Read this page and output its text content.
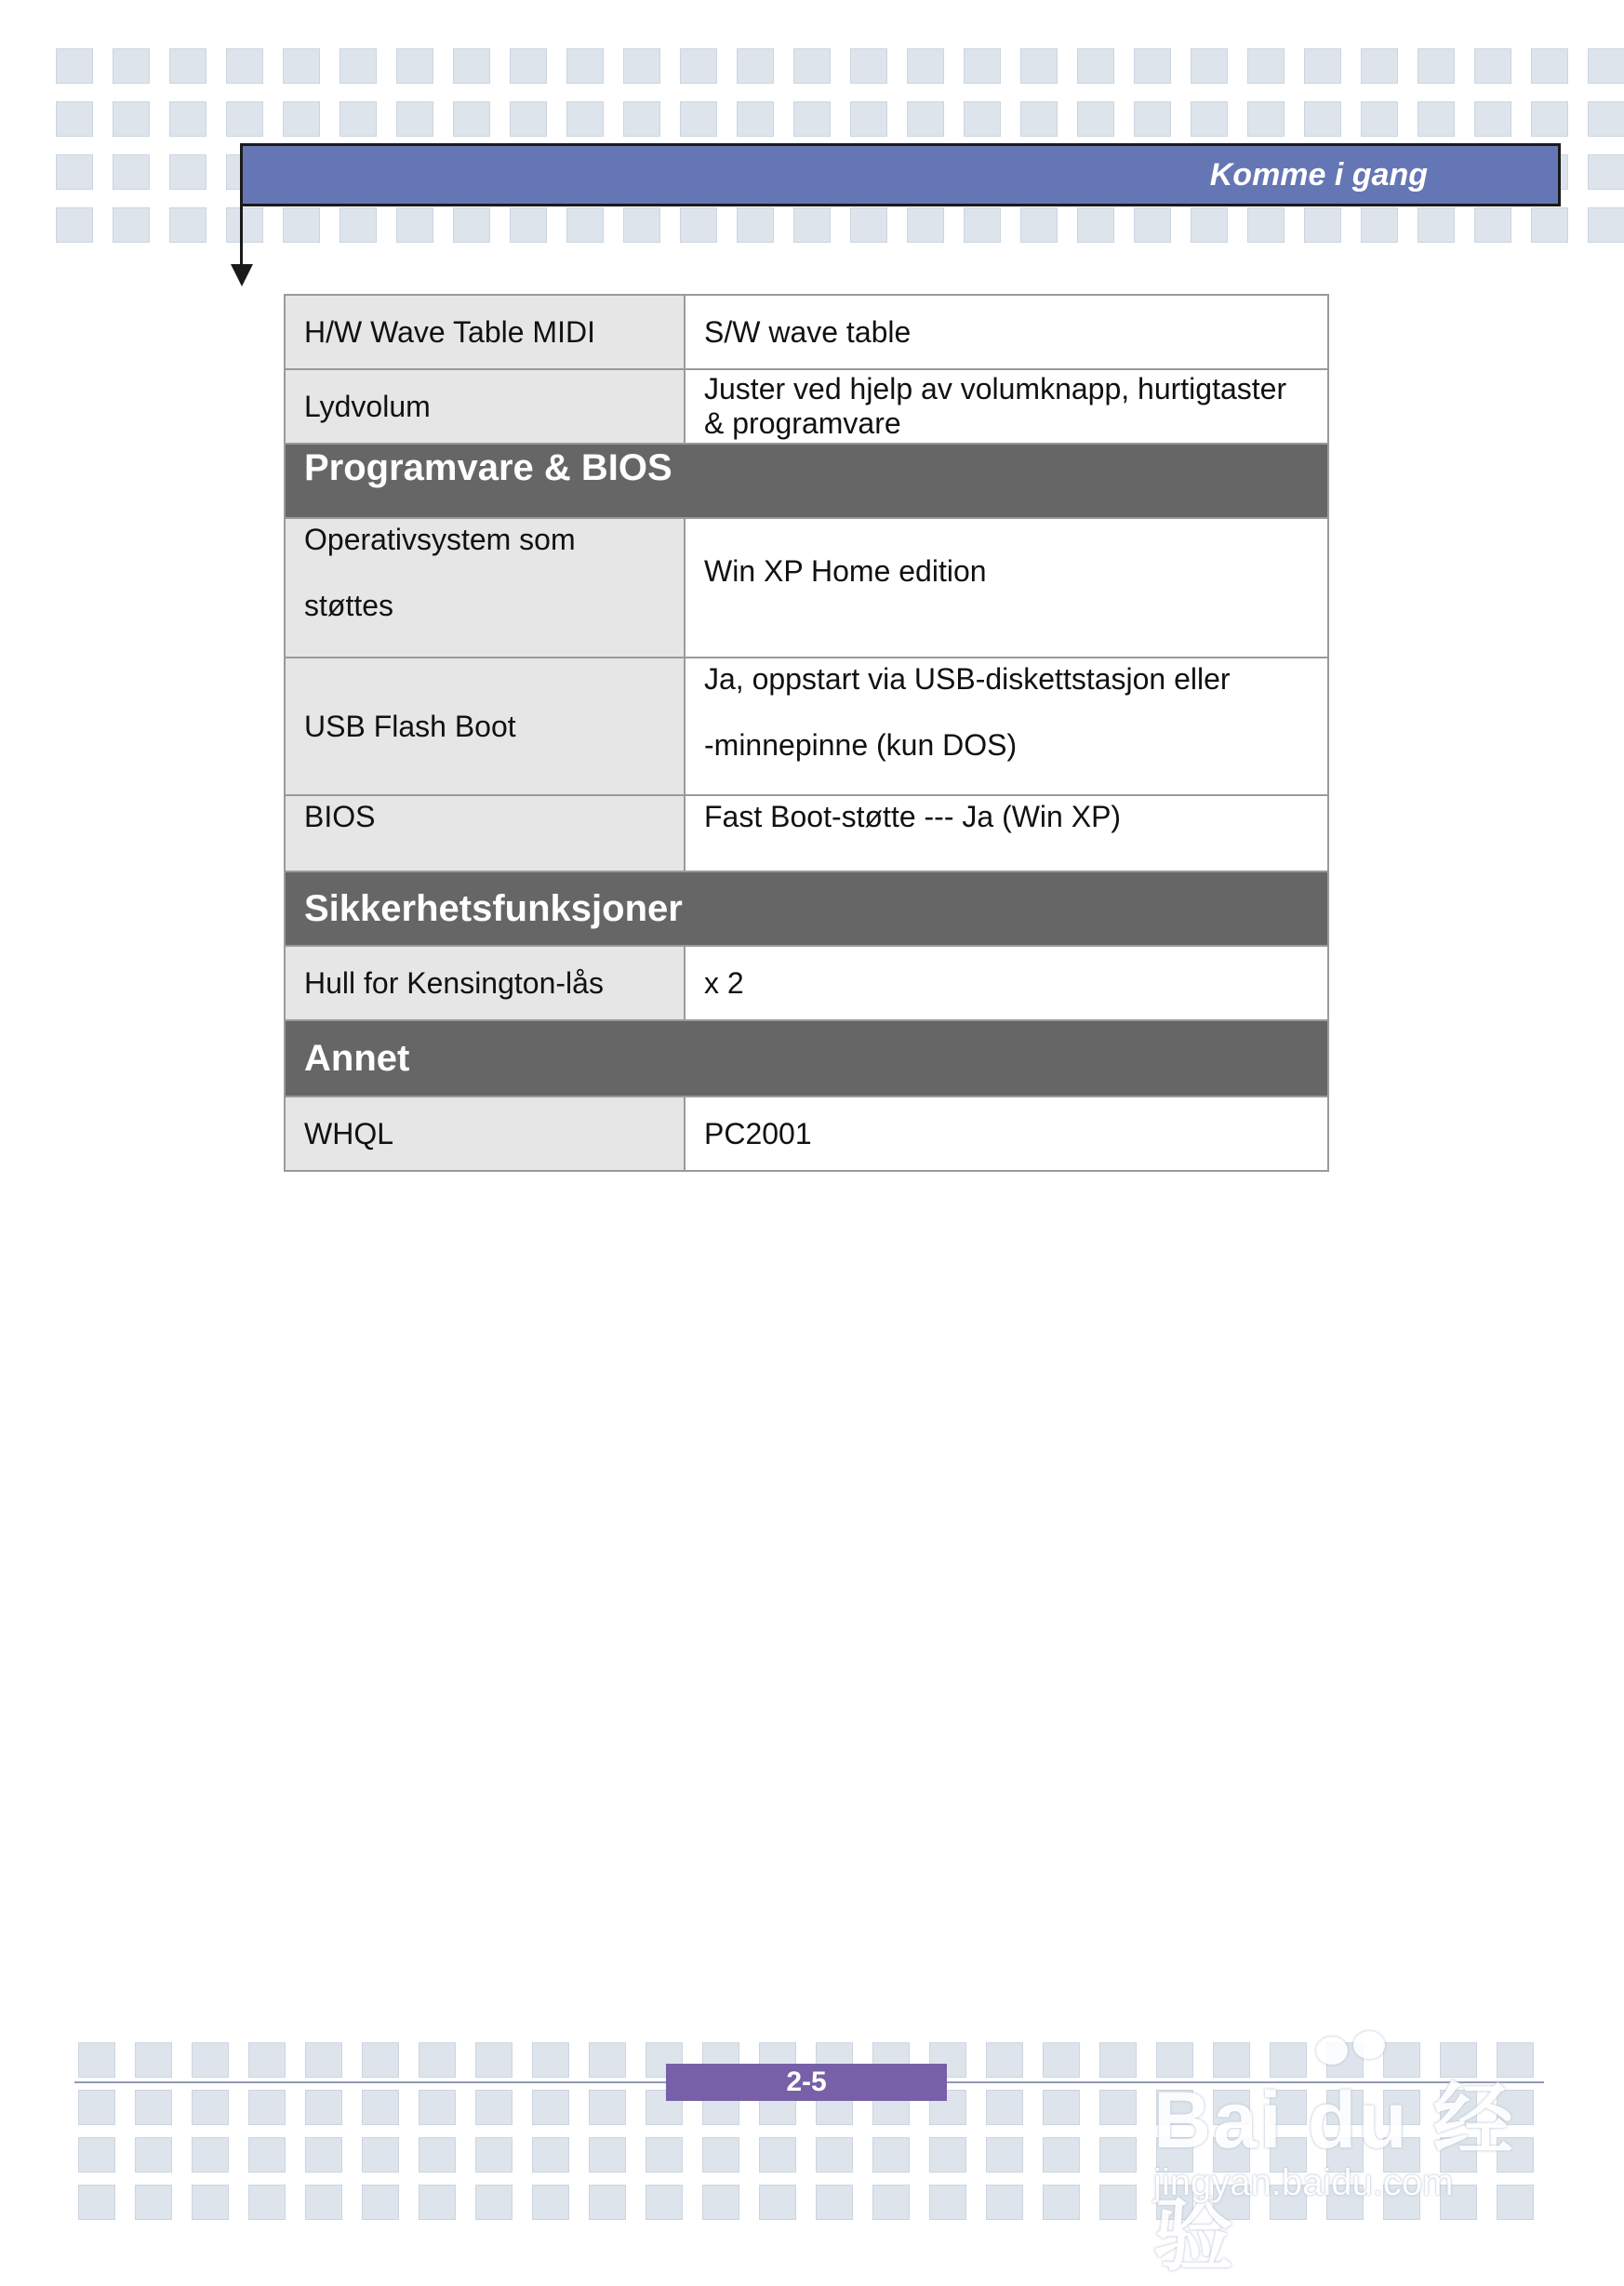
Komme i gang
H/W Wave Table MIDI	S/W wave table
Lydvolum	Juster ved hjelp av volumknapp, hurtigtaster
& programvare

Programvare & BIOS	

Operativsystem som
støttes	Win XP Home edition
USB Flash Boot	Ja, oppstart via USB-diskettstasjon eller
-minnepinne (kun DOS)

BIOS	Fast Boot-støtte --- Ja (Win XP)
Sikkerhetsfunksjoner	
Hull for Kensington-lås	x 2
Annet	
WHQL	PC2001
2-5	Bai du 经验
jingyan.baidu.com
